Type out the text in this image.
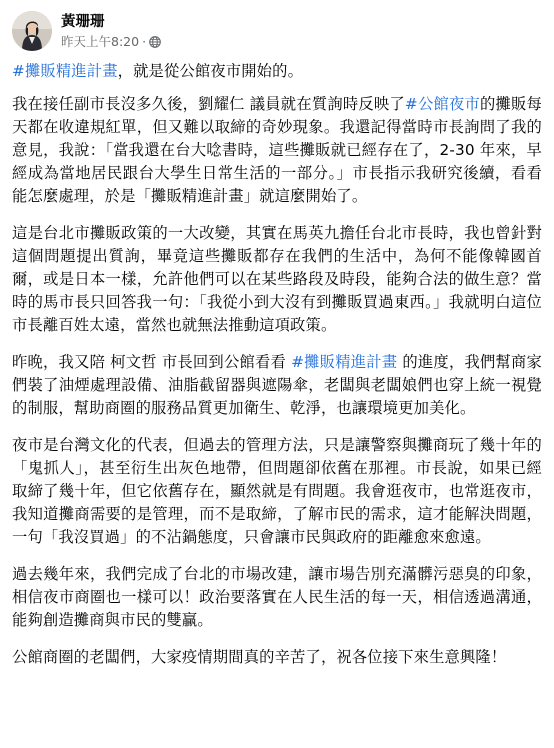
黃珊珊
昨天上午8:20 ·

#攤販精進計畫，就是從公館夜市開始的。

我在接任副市長沒多久後，劉耀仁 議員就在質詢時反映了#公館夜市的攤販每天都在收違規紅單，但又難以取締的奇妙現象。我還記得當時市長詢問了我的意見，我說：「當我還在台大唸書時，這些攤販就已經存在了，2-30 年來，早經成為當地居民跟台大學生日常生活的一部分。」市長指示我研究後續，看看能怎麼處理，於是「攤販精進計畫」就這麼開始了。

這是台北市攤販政策的一大改變，其實在馬英九擔任台北市長時，我也曾針對這個問題提出質詢，畢竟這些攤販都存在我們的生活中，為何不能像韓國首爾，或是日本一樣，允許他們可以在某些路段及時段，能夠合法的做生意？當時的馬市長只回答我一句：「我從小到大沒有到攤販買過東西。」我就明白這位市長離百姓太遠，當然也就無法推動這項政策。

昨晚，我又陪 柯文哲 市長回到公館看看 #攤販精進計畫 的進度，我們幫商家們裝了油煙處理設備、油脂截留器與遮陽傘，老闆與老闆娘們也穿上統一視覺的制服，幫助商圈的服務品質更加衛生、乾淨，也讓環境更加美化。

夜市是台灣文化的代表，但過去的管理方法，只是讓警察與攤商玩了幾十年的「鬼抓人」，甚至衍生出灰色地帶，但問題卻依舊在那裡。市長說，如果已經取締了幾十年，但它依舊存在，顯然就是有問題。我會逛夜市，也常逛夜市，我知道攤商需要的是管理，而不是取締，了解市民的需求，這才能解決問題，一句「我沒買過」的不沾鍋態度，只會讓市民與政府的距離愈來愈遠。

過去幾年來，我們完成了台北的市場改建，讓市場告別充滿髒污惡臭的印象，相信夜市商圈也一樣可以！政治要落實在人民生活的每一天，相信透過溝通，能夠創造攤商與市民的雙贏。

公館商圈的老闆們，大家疫情期間真的辛苦了，祝各位接下來生意興隆！
